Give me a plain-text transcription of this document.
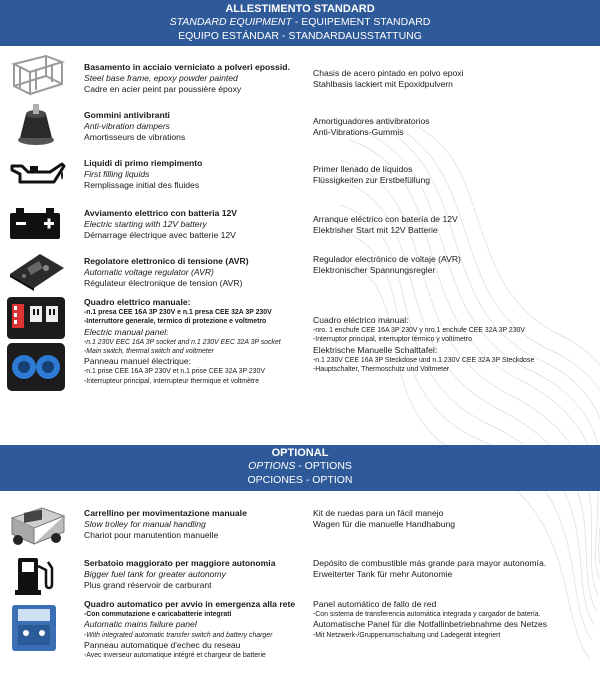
ALLESTIMENTO STANDARD
STANDARD EQUIPMENT - EQUIPEMENT STANDARD
EQUIPO ESTÁNDAR - STANDARDAUSSTATTUNG
Basamento in acciaio verniciato a polveri epossid.
Steel base frame, epoxy powder painted
Cadre en acier peint par poussière époxy
Chasis de acero pintado en polvo epoxi
Stahlbasis lackiert mit Epoxidpulvern
Gommini antivibranti
Anti-vibration dampers
Amortisseurs de vibrations
Amortiguadores antivibratorios
Anti-Vibrations-Gummis
Liquidi di primo riempimento
First filling liquids
Remplissage initial des fluides
Primer llenado de líquidos
Flüssigkeiten zur Erstbefüllung
Avviamento elettrico con batteria 12V
Electric starting with 12V battery
Démarrage électrique avec batterie 12V
Arranque eléctrico con batería de 12V
Elektrisher Start mit 12V Batterie
Regolatore elettronico di tensione (AVR)
Automatic voltage regulator (AVR)
Régulateur électronique de tension (AVR)
Regulador electrónico de voltaje (AVR)
Elektronischer Spannungsregler
Quadro elettrico manuale:
-n.1 presa CEE 16A 3P 230V e n.1 presa CEE 32A 3P 230V
-Interruttore generale, termico di protezione e voltmetro
Electric manual panel:
-n.1 230V EEC 16A 3P socket and n.1 230V EEC 32A 3P socket
-Main switch, thermal switch and voltmeter
Panneau manuel électrique:
-n.1 prise CEE 16A 3P 230V et n.1 prise CEE 32A 3P 230V
-Interrupteur principal, interrupteur thermique et voltmètre
Cuadro eléctrico manual:
-nro. 1 enchufe CEE 16A 3P 230V y nro.1 enchufe CEE 32A 3P 230V
-Interruptor principal, interruptor térmico y voltímetro
Elektrische Manuelle Schalttafel:
-n.1 230V CEE 16A 3P Steckdose und n.1 230V CEE 32A 3P Steckdose
-Hauptschalter, Thermoschutz und Voltmeter
OPTIONAL
OPTIONS - OPTIONS
OPCIONES - OPTION
Carrellino per movimentazione manuale
Slow trolley for manual handling
Chariot pour manutention manuelle
Kit de ruedas para un fácil manejo
Wagen für die manuelle Handhabung
Serbatoio maggiorato per maggiore autonomia
Bigger fuel tank for greater autonomy
Plus grand réservoir de carburant
Depósito de combustible más grande para mayor autonomía.
Erweiterter Tank für mehr Autonomie
Quadro automatico per avvio in emergenza alla rete
-Con commutazione e caricabatterie integrati
Automatic mains failure panel
-With integrated automatic transfer switch and battery charger
Panneau automatique d'echec du reseau
-Avec inverseur automatique intégré et chargeur de batterie
Panel automático de fallo de red
-Con sistema de transferencia automática integrada y cargador de batería.
Automatische Panel für die Notfallinbetriebnahme des Netzes
-Mit Netzwerk-/Gruppenumschaltung und Ladegerät integriert
